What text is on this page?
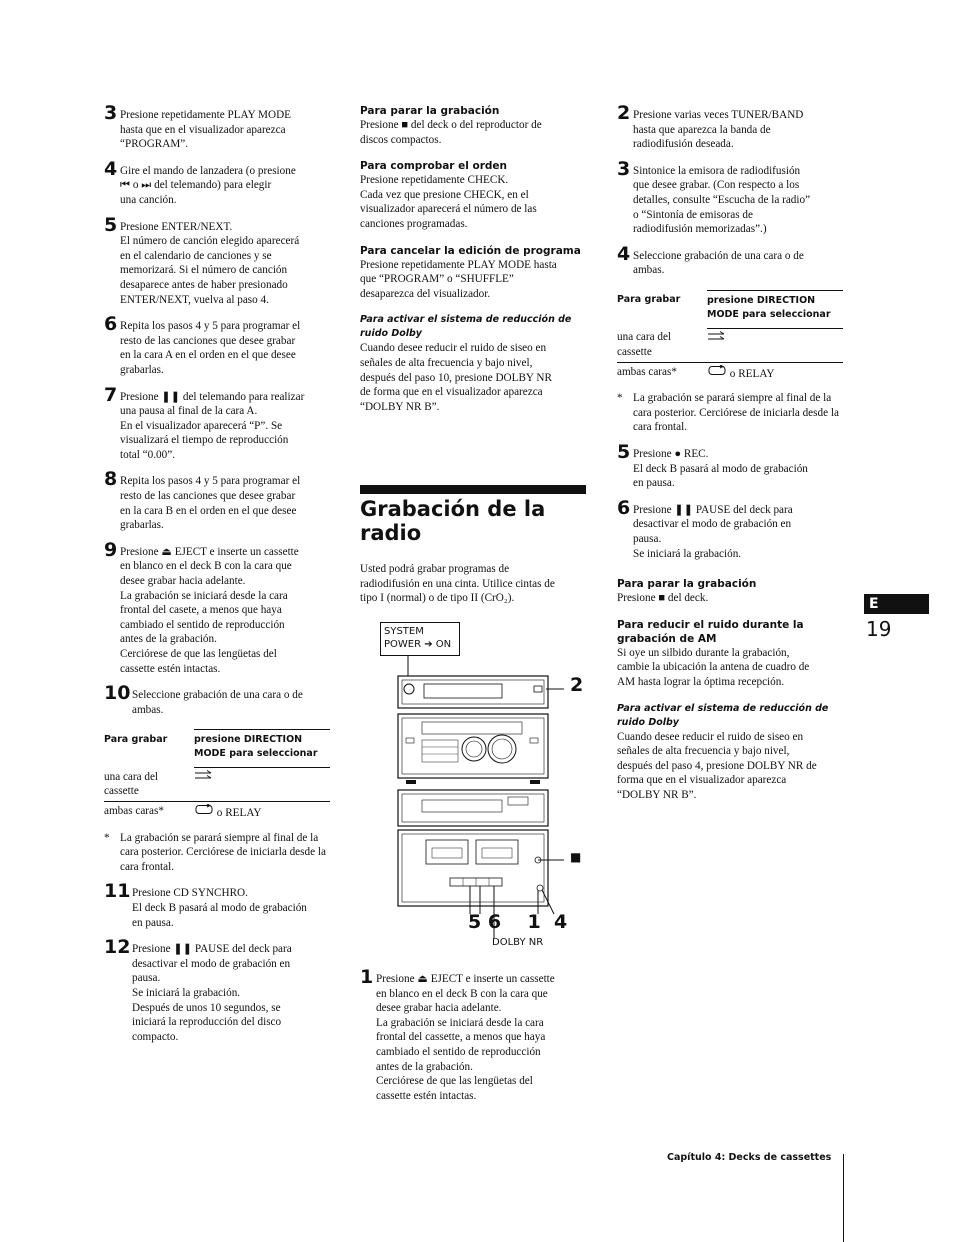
3 Presione repetidamente PLAY MODE

hasta que en el visualizador aparezca

“PROGRAM”.

4 Gire el mando de lanzadera (o presione

⏮ o ⏭ del telemando) para elegir

una canción.

5 Presione ENTER/NEXT.

El número de canción elegido aparecerá

en el calendario de canciones y se

memorizará. Si el número de canción

desaparece antes de haber presionado

ENTER/NEXT, vuelva al paso 4.

6 Repita los pasos 4 y 5 para programar el

resto de las canciones que desee grabar

en la cara A en el orden en el que desee

grabarlas.

7 Presione ❚❚ del telemando para realizar

una pausa al final de la cara A.

En el visualizador aparecerá “P”. Se

visualizará el tiempo de reproducción

total “0.00”.

8 Repita los pasos 4 y 5 para programar el

resto de las canciones que desee grabar

en la cara B en el orden en el que desee

grabarlas.

9 Presione ⏏ EJECT e inserte un cassette

en blanco en el deck B con la cara que

desee grabar hacia adelante.

La grabación se iniciará desde la cara

frontal del casete, a menos que haya

cambiado el sentido de reproducción

antes de la grabación.

Cerciórese de que las lengüetas del

cassette estén intactas.

10 Seleccione grabación de una cara o de

ambas.

Para grabar	presione DIRECTION MODE para seleccionar
una cara del cassette	
ambas caras*	o RELAY
* La grabación se parará siempre al final de la cara posterior. Cerciórese de iniciarla desde la cara frontal.
11 Presione CD SYNCHRO.

El deck B pasará al modo de grabación

en pausa.

12 Presione ❚❚ PAUSE del deck para

desactivar el modo de grabación en

pausa.

Se iniciará la grabación.

Después de unos 10 segundos, se

iniciará la reproducción del disco

compacto.

Para parar la grabación

Presione ■ del deck o del reproductor de

discos compactos.

Para comprobar el orden

Presione repetidamente CHECK.

Cada vez que presione CHECK, en el

visualizador aparecerá el número de las

canciones programadas.

Para cancelar la edición de programa

Presione repetidamente PLAY MODE hasta

que “PROGRAM” o “SHUFFLE”

desaparezca del visualizador.

Para activar el sistema de reducción de ruido Dolby

Cuando desee reducir el ruido de siseo en

señales de alta frecuencia y bajo nivel,

después del paso 10, presione DOLBY NR

de forma que en el visualizador aparezca

“DOLBY NR B”.

Grabación de la radio

Usted podrá grabar programas de

radiodifusión en una cinta. Utilice cintas de

tipo I (normal) o de tipo II (CrO₂).

SYSTEM
POWER ➔ ON
2
■
5 6    1  4
DOLBY NR
1 Presione ⏏ EJECT e inserte un cassette

en blanco en el deck B con la cara que

desee grabar hacia adelante.

La grabación se iniciará desde la cara

frontal del cassette, a menos que haya

cambiado el sentido de reproducción

antes de la grabación.

Cerciórese de que las lengüetas del

cassette estén intactas.

2 Presione varias veces TUNER/BAND

hasta que aparezca la banda de

radiodifusión deseada.

3 Sintonice la emisora de radiodifusión

que desee grabar. (Con respecto a los

detalles, consulte “Escucha de la radio”

o “Sintonía de emisoras de

radiodifusión memorizadas”.)

4 Seleccione grabación de una cara o de

ambas.

Para grabar	presione DIRECTION MODE para seleccionar
una cara del cassette	
ambas caras*	o RELAY
* La grabación se parará siempre al final de la cara posterior. Cerciórese de iniciarla desde la cara frontal.
5 Presione ● REC.

El deck B pasará al modo de grabación

en pausa.

6 Presione ❚❚ PAUSE del deck para

desactivar el modo de grabación en

pausa.

Se iniciará la grabación.

Para parar la grabación

Presione ■ del deck.

Para reducir el ruido durante la grabación de AM

Si oye un silbido durante la grabación,

cambie la ubicación la antena de cuadro de

AM hasta lograr la óptima recepción.

Para activar el sistema de reducción de ruido Dolby

Cuando desee reducir el ruido de siseo en

señales de alta frecuencia y bajo nivel,

después del paso 4, presione DOLBY NR de

forma que en el visualizador aparezca

“DOLBY NR B”.

E
19
Capítulo 4: Decks de cassettes
